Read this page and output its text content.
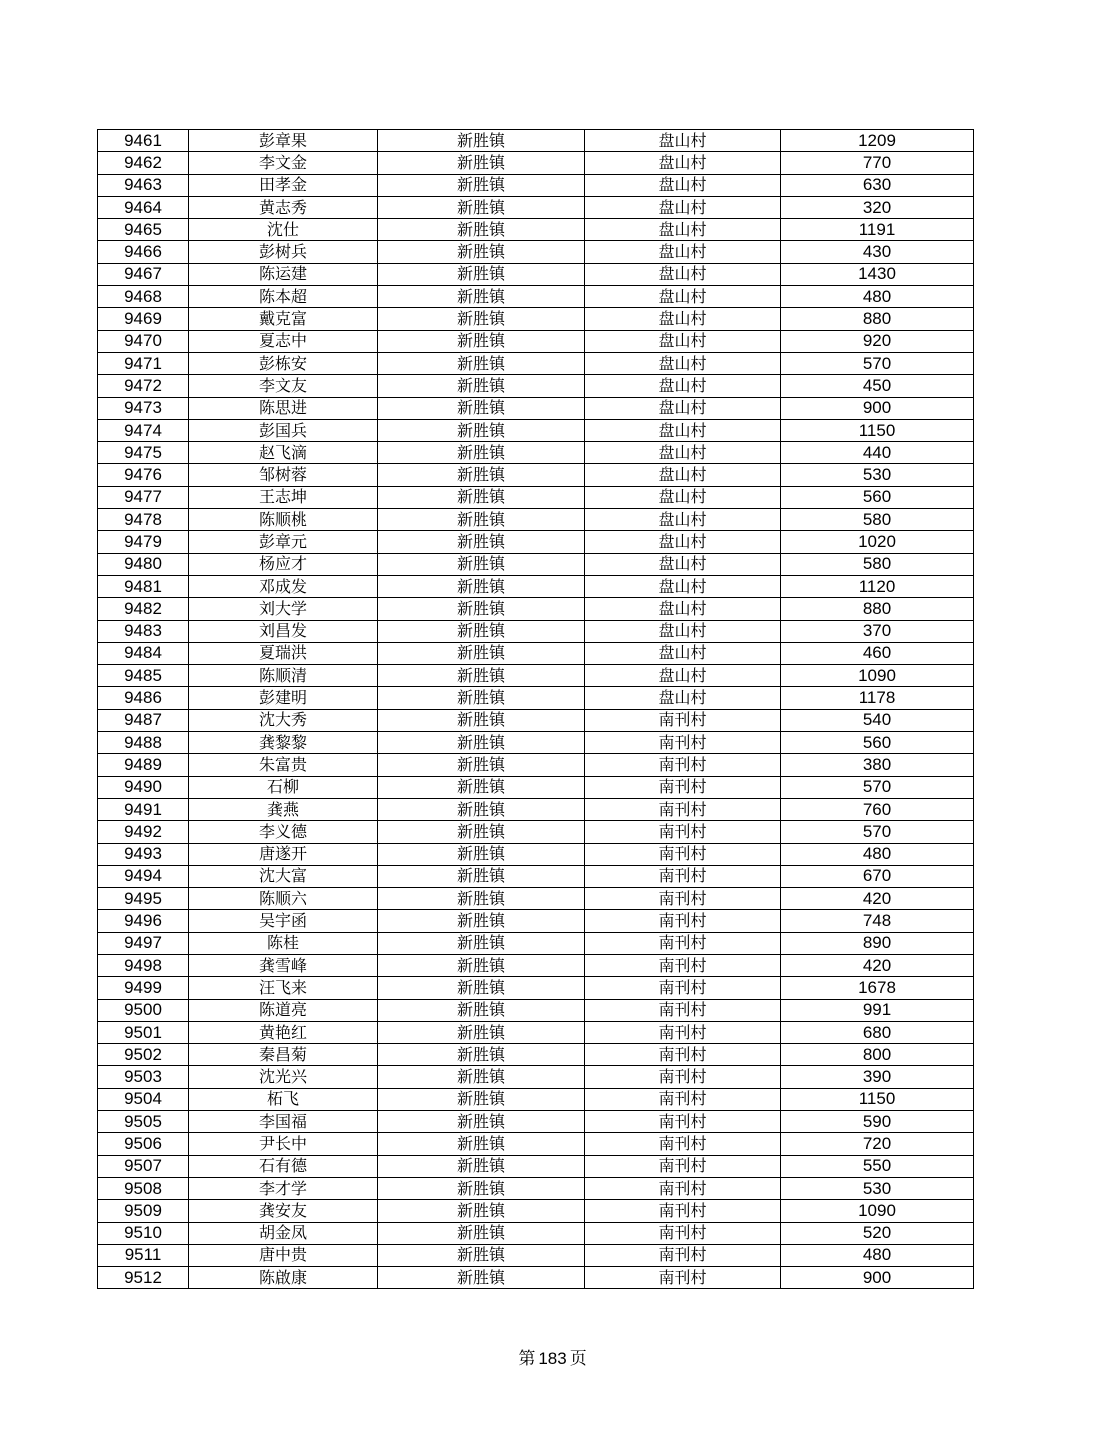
9461	彭章果	新胜镇	盘山村	1209
9462	李文金	新胜镇	盘山村	770
9463	田孝金	新胜镇	盘山村	630
9464	黄志秀	新胜镇	盘山村	320
9465	沈仕	新胜镇	盘山村	1191
9466	彭树兵	新胜镇	盘山村	430
9467	陈运建	新胜镇	盘山村	1430
9468	陈本超	新胜镇	盘山村	480
9469	戴克富	新胜镇	盘山村	880
9470	夏志中	新胜镇	盘山村	920
9471	彭栋安	新胜镇	盘山村	570
9472	李文友	新胜镇	盘山村	450
9473	陈思进	新胜镇	盘山村	900
9474	彭国兵	新胜镇	盘山村	1150
9475	赵飞滴	新胜镇	盘山村	440
9476	邹树蓉	新胜镇	盘山村	530
9477	王志坤	新胜镇	盘山村	560
9478	陈顺桃	新胜镇	盘山村	580
9479	彭章元	新胜镇	盘山村	1020
9480	杨应才	新胜镇	盘山村	580
9481	邓成发	新胜镇	盘山村	1120
9482	刘大学	新胜镇	盘山村	880
9483	刘昌发	新胜镇	盘山村	370
9484	夏瑞洪	新胜镇	盘山村	460
9485	陈顺清	新胜镇	盘山村	1090
9486	彭建明	新胜镇	盘山村	1178
9487	沈大秀	新胜镇	南刊村	540
9488	龚黎黎	新胜镇	南刊村	560
9489	朱富贵	新胜镇	南刊村	380
9490	石柳	新胜镇	南刊村	570
9491	龚燕	新胜镇	南刊村	760
9492	李义德	新胜镇	南刊村	570
9493	唐遂开	新胜镇	南刊村	480
9494	沈大富	新胜镇	南刊村	670
9495	陈顺六	新胜镇	南刊村	420
9496	吴宇函	新胜镇	南刊村	748
9497	陈桂	新胜镇	南刊村	890
9498	龚雪峰	新胜镇	南刊村	420
9499	汪飞来	新胜镇	南刊村	1678
9500	陈道亮	新胜镇	南刊村	991
9501	黄艳红	新胜镇	南刊村	680
9502	秦昌菊	新胜镇	南刊村	800
9503	沈光兴	新胜镇	南刊村	390
9504	柘飞	新胜镇	南刊村	1150
9505	李国福	新胜镇	南刊村	590
9506	尹长中	新胜镇	南刊村	720
9507	石有德	新胜镇	南刊村	550
9508	李才学	新胜镇	南刊村	530
9509	龚安友	新胜镇	南刊村	1090
9510	胡金凤	新胜镇	南刊村	520
9511	唐中贵	新胜镇	南刊村	480
9512	陈啟康	新胜镇	南刊村	900
第 183 页
